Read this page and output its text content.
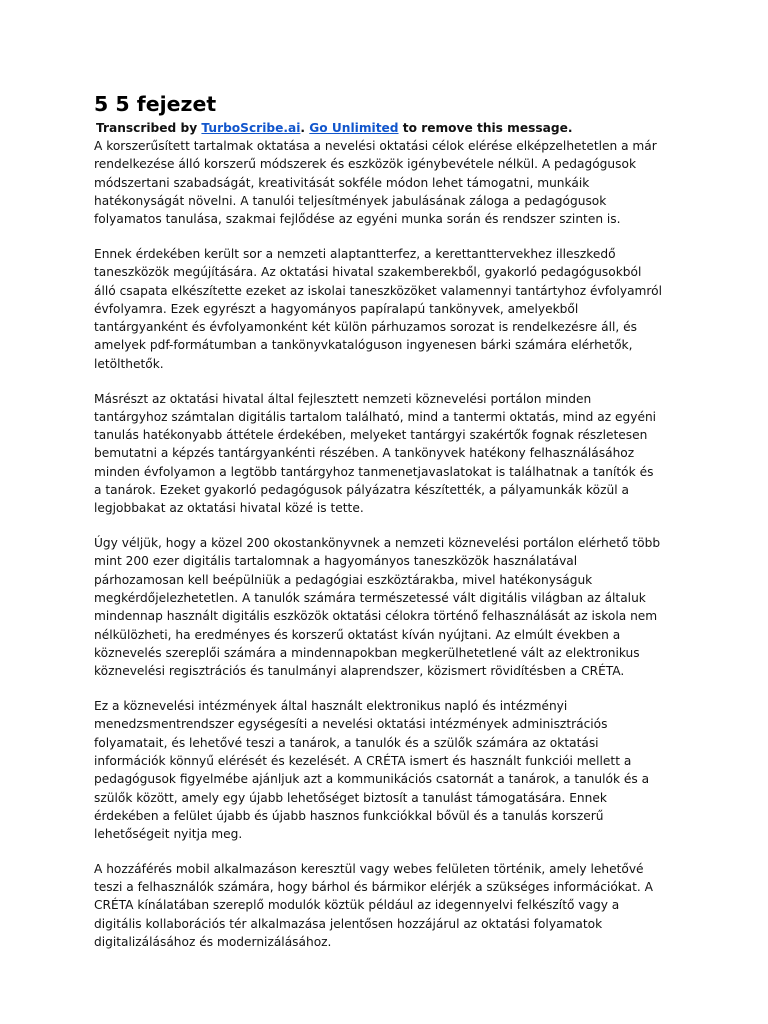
5 5 fejezet
Transcribed by TurboScribe.ai. Go Unlimited to remove this message.
A korszerűsített tartalmak oktatása a nevelési oktatási célok elérése elképzelhetetlen a már
rendelkezése álló korszerű módszerek és eszközök igénybevétele nélkül. A pedagógusok
módszertani szabadságát, kreativitását sokféle módon lehet támogatni, munkáik
hatékonyságát növelni. A tanulói teljesítmények jabulásának záloga a pedagógusok
folyamatos tanulása, szakmai fejlődése az egyéni munka során és rendszer szinten is.
Ennek érdekében került sor a nemzeti alaptantterfez, a kerettanttervekhez illeszkedő
taneszközök megújítására. Az oktatási hivatal szakemberekből, gyakorló pedagógusokból
álló csapata elkészítette ezeket az iskolai taneszközöket valamennyi tantártyhoz évfolyamról
évfolyamra. Ezek egyrészt a hagyományos papíralapú tankönyvek, amelyekből
tantárgyanként és évfolyamonként két külön párhuzamos sorozat is rendelkezésre áll, és
amelyek pdf-formátumban a tankönyvkatalóguson ingyenesen bárki számára elérhetők,
letölthetők.
Másrészt az oktatási hivatal által fejlesztett nemzeti köznevelési portálon minden
tantárgyhoz számtalan digitális tartalom található, mind a tantermi oktatás, mind az egyéni
tanulás hatékonyabb áttétele érdekében, melyeket tantárgyi szakértők fognak részletesen
bemutatni a képzés tantárgyankénti részében. A tankönyvek hatékony felhasználásához
minden évfolyamon a legtöbb tantárgyhoz tanmenetjavaslatokat is találhatnak a tanítók és
a tanárok. Ezeket gyakorló pedagógusok pályázatra készítették, a pályamunkák közül a
legjobbakat az oktatási hivatal közé is tette.
Úgy véljük, hogy a közel 200 okostankönyvnek a nemzeti köznevelési portálon elérhető több
mint 200 ezer digitális tartalomnak a hagyományos taneszközök használatával
párhozamosan kell beépülniük a pedagógiai eszköztárakba, mivel hatékonyságuk
megkérdőjelezhetetlen. A tanulók számára természetessé vált digitális világban az általuk
mindennap használt digitális eszközök oktatási célokra történő felhasználását az iskola nem
nélkülözheti, ha eredményes és korszerű oktatást kíván nyújtani. Az elmúlt években a
köznevelés szereplői számára a mindennapokban megkerülhetetlené vált az elektronikus
köznevelési regisztrációs és tanulmányi alaprendszer, közismert rövidítésben a CRÉTA.
Ez a köznevelési intézmények által használt elektronikus napló és intézményi
menedzsmentrendszer egységesíti a nevelési oktatási intézmények adminisztrációs
folyamatait, és lehetővé teszi a tanárok, a tanulók és a szülők számára az oktatási
információk könnyű elérését és kezelését. A CRÉTA ismert és használt funkciói mellett a
pedagógusok figyelmébe ajánljuk azt a kommunikációs csatornát a tanárok, a tanulók és a
szülők között, amely egy újabb lehetőséget biztosít a tanulást támogatására. Ennek
érdekében a felület újabb és újabb hasznos funkciókkal bővül és a tanulás korszerű
lehetőségeit nyitja meg.
A hozzáférés mobil alkalmazáson keresztül vagy webes felületen történik, amely lehetővé
teszi a felhasználók számára, hogy bárhol és bármikor elérjék a szükséges információkat. A
CRÉTA kínálatában szereplő modulók köztük például az idegennyelvi felkészítő vagy a
digitális kollaborációs tér alkalmazása jelentősen hozzájárul az oktatási folyamatok
digitalizálásához és modernizálásához.
